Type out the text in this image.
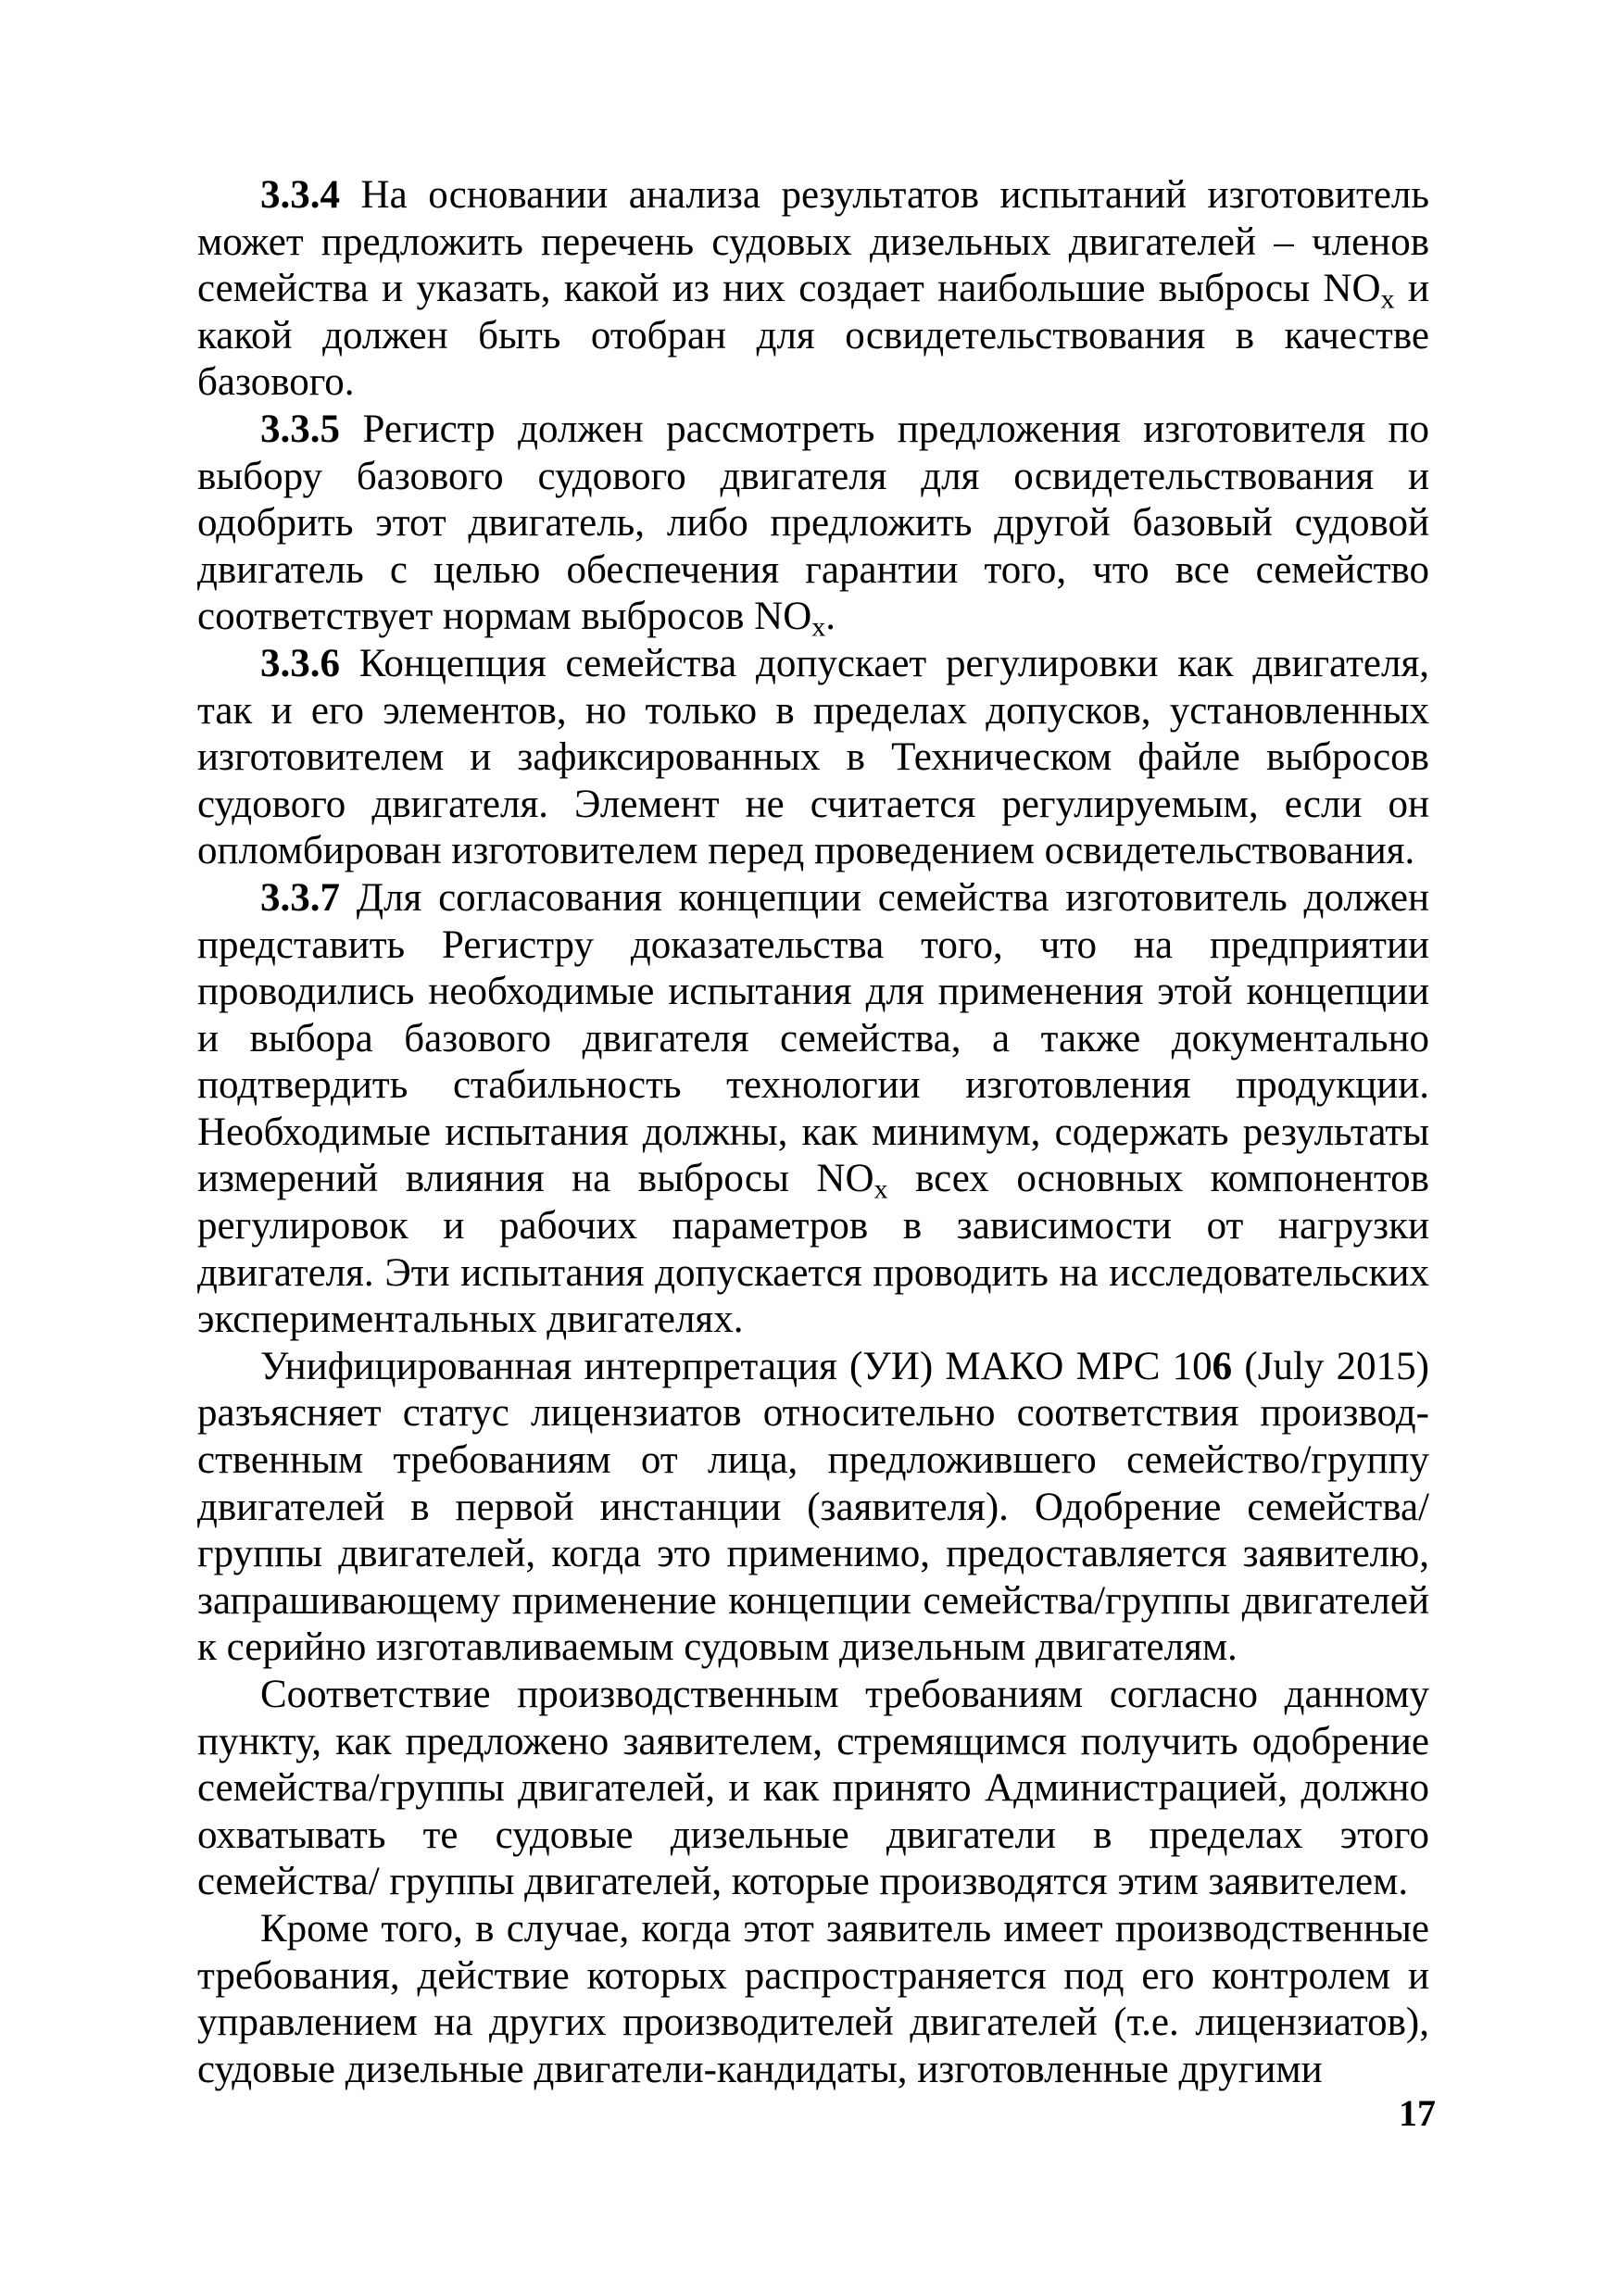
3.3.4 На основании анализа результатов испытаний изготовитель может предложить перечень судовых дизельных двигателей – членов семейства и указать, какой из них создает наибольшие выбросы $NO_x$ и какой должен быть отобран для освидетельствования в качестве базового.

3.3.5 Регистр должен рассмотреть предложения изготовителя по выбору базового судового двигателя для освидетельствования и одобрить этот двигатель, либо предложить другой базовый судовой двигатель с целью обеспечения гарантии того, что все семейство соответствует нормам выбросов $NO_x$.

3.3.6 Концепция семейства допускает регулировки как двигателя, так и его элементов, но только в пределах допусков, установленных изготовителем и зафиксированных в Техническом файле выбросов судового двигателя. Элемент не считается регулируемым, если он опломбирован изготовителем перед проведением освидетельствования.

3.3.7 Для согласования концепции семейства изготовитель должен представить Регистру доказательства того, что на предприятии проводились необходимые испытания для применения этой концепции и выбора базового двигателя семейства, а также документально подтвердить стабильность технологии изготовления продукции. Необходимые испытания должны, как минимум, содержать результаты измерений влияния на выбросы $NO_x$ всех основных компонентов регулировок и рабочих параметров в зависимости от нагрузки двигателя. Эти испытания допускается проводить на исследовательских экспериментальных двигателях.

Унифицированная интерпретация (УИ) МАКО MPC 106 (July 2015) разъясняет статус лицензиатов относительно соответствия производственным требованиям от лица, предложившего семейство/группу двигателей в первой инстанции (заявителя). Одобрение семейства/ группы двигателей, когда это применимо, предоставляется заявителю, запрашивающему применение концепции семейства/группы двигателей к серийно изготавливаемым судовым дизельным двигателям.

Соответствие производственным требованиям согласно данному пункту, как предложено заявителем, стремящимся получить одобрение семейства/группы двигателей, и как принято Администрацией, должно охватывать те судовые дизельные двигатели в пределах этого семейства/ группы двигателей, которые производятся этим заявителем.

Кроме того, в случае, когда этот заявитель имеет производственные требования, действие которых распространяется под его контролем и управлением на других производителей двигателей (т.е. лицензиатов), судовые дизельные двигатели-кандидаты, изготовленные другими

17
